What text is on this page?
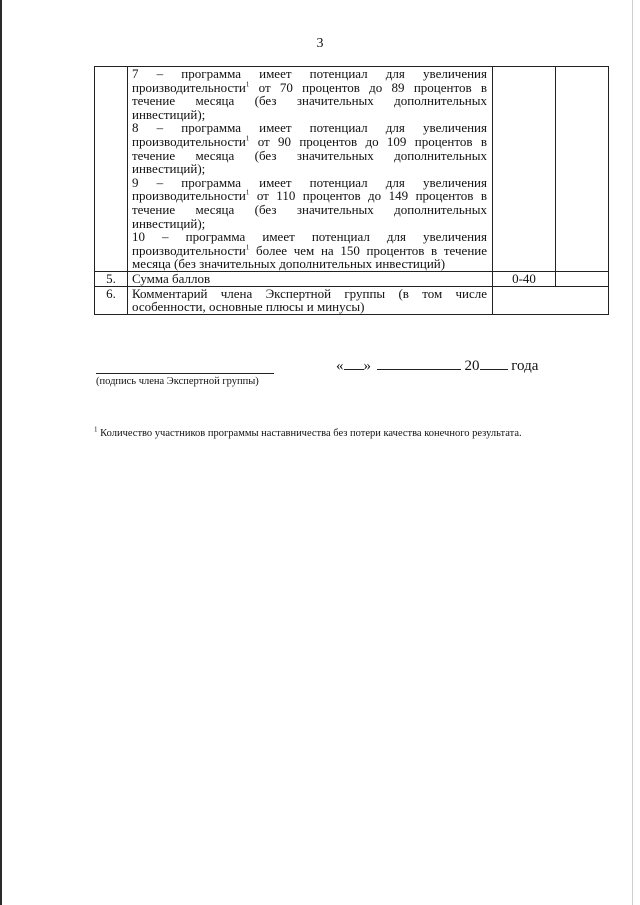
3

	7 – программа имеет потенциал для увеличения производительности$^1$ от 70 процентов до 89 процентов в течение месяца (без значительных дополнительных инвестиций);
8 – программа имеет потенциал для увеличения производительности$^1$ от 90 процентов до 109 процентов в течение месяца (без значительных дополнительных инвестиций);
9 – программа имеет потенциал для увеличения производительности$^1$ от 110 процентов до 149 процентов в течение месяца (без значительных дополнительных инвестиций);
10 – программа имеет потенциал для увеличения производительности$^1$ более чем на 150 процентов в течение месяца (без значительных дополнительных инвестиций)		

5.	Сумма баллов	0-40	
6.	Комментарий члена Экспертной группы (в том числе особенности, основные плюсы и минусы)		
(подпись члена Экспертной группы)
« »	20 года
$^1$ Количество участников программы наставничества без потери качества конечного результата.
